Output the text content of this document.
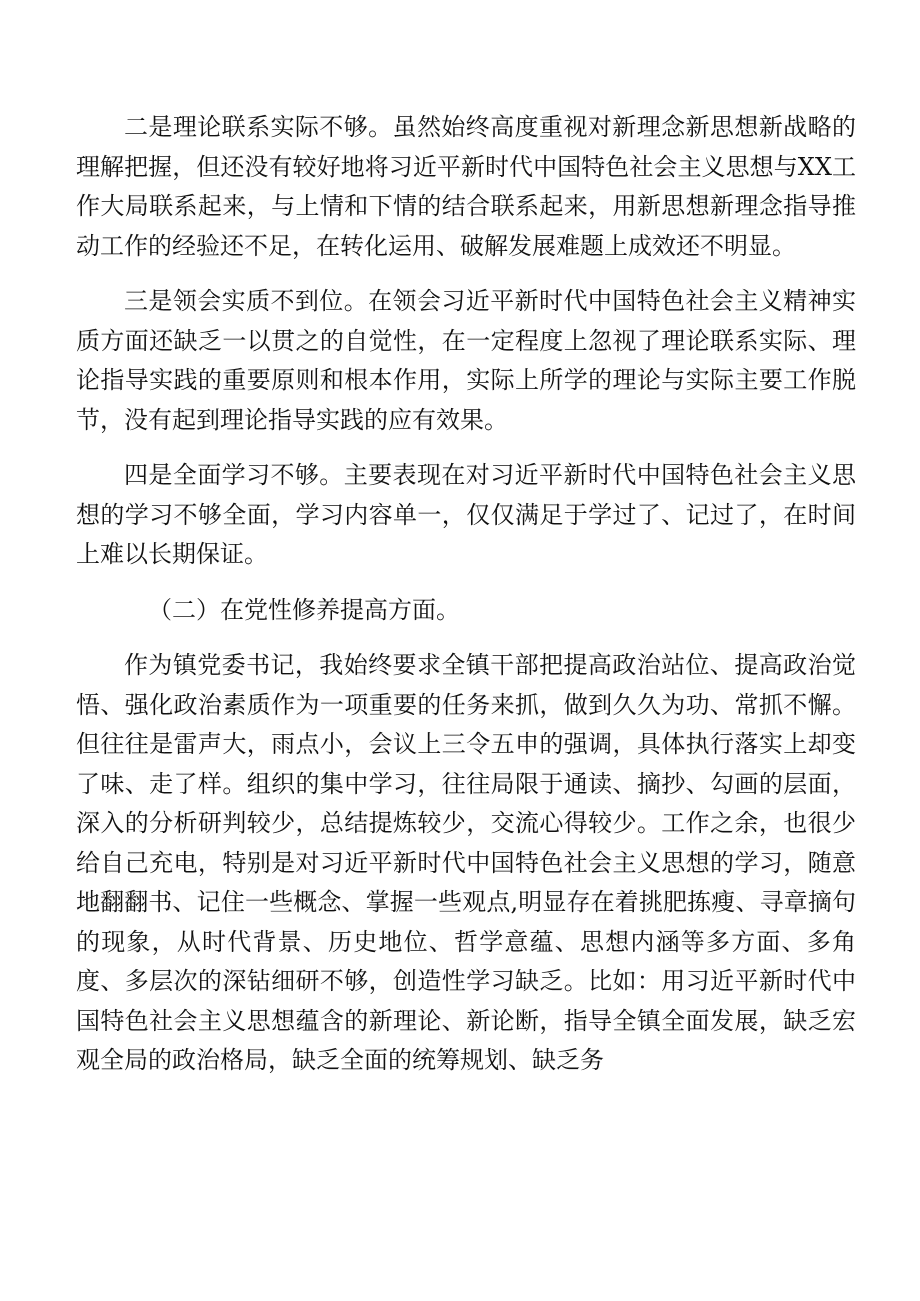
二是理论联系实际不够。虽然始终高度重视对新理念新思想新战略的理解把握，但还没有较好地将习近平新时代中国特色社会主义思想与XX工作大局联系起来，与上情和下情的结合联系起来，用新思想新理念指导推动工作的经验还不足，在转化运用、破解发展难题上成效还不明显。

三是领会实质不到位。在领会习近平新时代中国特色社会主义精神实质方面还缺乏一以贯之的自觉性，在一定程度上忽视了理论联系实际、理论指导实践的重要原则和根本作用，实际上所学的理论与实际主要工作脱节，没有起到理论指导实践的应有效果。

四是全面学习不够。主要表现在对习近平新时代中国特色社会主义思想的学习不够全面，学习内容单一，仅仅满足于学过了、记过了，在时间上难以长期保证。

（二）在党性修养提高方面。

作为镇党委书记，我始终要求全镇干部把提高政治站位、提高政治觉悟、强化政治素质作为一项重要的任务来抓，做到久久为功、常抓不懈。但往往是雷声大，雨点小，会议上三令五申的强调，具体执行落实上却变了味、走了样。组织的集中学习，往往局限于通读、摘抄、勾画的层面，深入的分析研判较少，总结提炼较少，交流心得较少。工作之余，也很少给自己充电，特别是对习近平新时代中国特色社会主义思想的学习，随意地翻翻书、记住一些概念、掌握一些观点,明显存在着挑肥拣瘦、寻章摘句的现象，从时代背景、历史地位、哲学意蕴、思想内涵等多方面、多角度、多层次的深钻细研不够，创造性学习缺乏。比如：用习近平新时代中国特色社会主义思想蕴含的新理论、新论断，指导全镇全面发展，缺乏宏观全局的政治格局，缺乏全面的统筹规划、缺乏务
